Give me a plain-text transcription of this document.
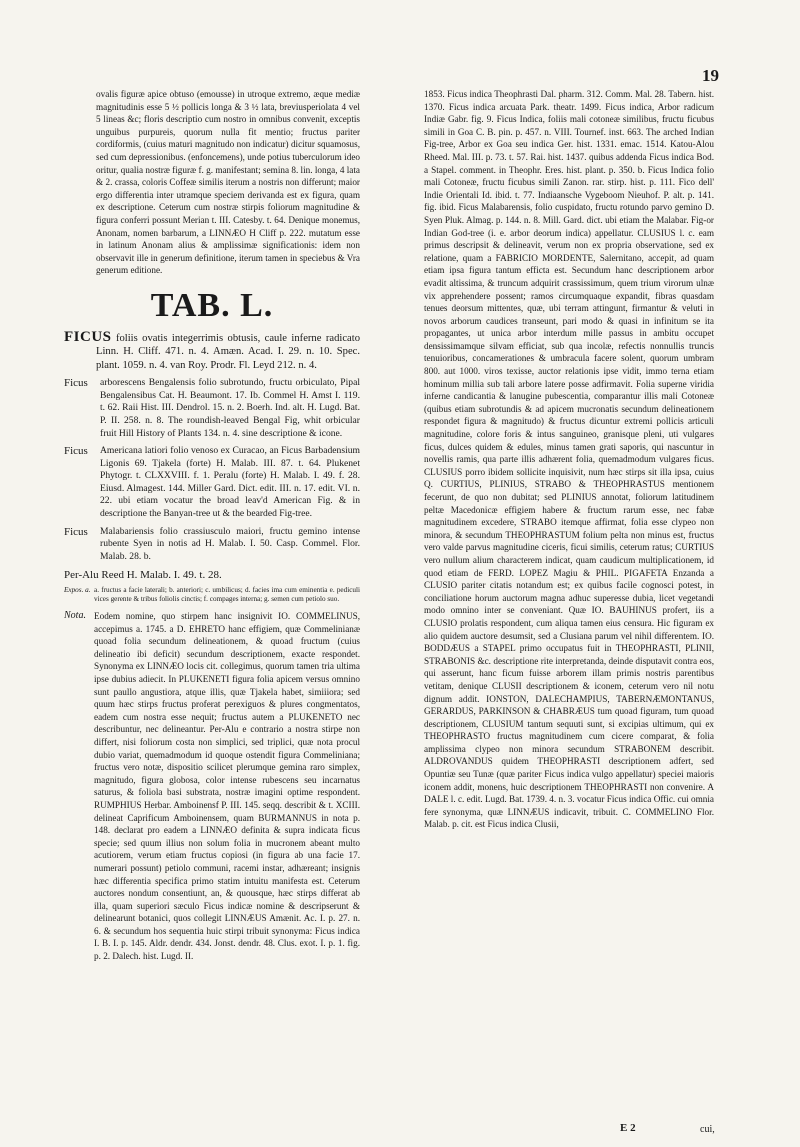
19

ovalis figuræ apice obtuso (emousse) in utroque extremo, æque mediæ magnitudinis esse 5 ½ pollicis longa & 3 ½ lata, breviusperiolata 4 vel 5 lineas &c; floris descriptio cum nostro in omnibus convenit, exceptis unguibus purpureis, quorum nulla fit mentio; fructus pariter cordiformis, (cuius maturi magnitudo non indicatur) dicitur squamosus, sed cum depressionibus. (enfoncemens), unde potius tuberculorum ideo oritur, qualia nostræ figuræ f. g. manifestant; semina 8. lin. longa, 4 lata & 2. crassa, coloris Coffeæ similis iterum a nostris non differunt; maior ergo differentia inter utramque speciem derivanda est ex figura, quam ex descriptione. Ceterum cum nostræ stirpis foliorum magnitudine & figura conferri possunt Merian t. III. Catesby. t. 64. Denique monemus, Anonam, nomen barbarum, a LINNÆO H Cliff p. 222. mutatum esse in latinum Anonam alius & amplissimæ significationis: idem non observavit ille in generum definitione, iterum tamen in speciebus & Vra generum editione.

TAB. L.

FICUS foliis ovatis integerrimis obtusis, caule inferne radicato Linn. H. Cliff. 471. n. 4. Amæn. Acad. I. 29. n. 10. Spec. plant. 1059. n. 4. van Roy. Prodr. Fl. Leyd 212. n. 4.

Ficus	arborescens Bengalensis folio subrotundo, fructu orbiculato, Pipal Bengalensibus Cat. H. Beaumont. 17. Ib. Commel H. Amst I. 119. t. 62. Raii Hist. III. Dendrol. 15. n. 2. Boerh. Ind. alt. H. Lugd. Bat. P. II. 258. n. 8. The roundish-leaved Bengal Fig, whit orbicular fruit Hill History of Plants 134. n. 4. sine descriptione & icone.
Ficus	Americana latiori folio venoso ex Curacao, an Ficus Barbadensium Ligonis 69. Tjakela (forte) H. Malab. III. 87. t. 64. Plukenet Phytogr. t. CLXXVIII. f. 1. Peralu (forte) H. Malab. I. 49. f. 28. Eiusd. Almagest. 144. Miller Gard. Dict. edit. III. n. 17. edit. VI. n. 22. ubi etiam vocatur the broad leav'd American Fig. & in descriptione the Banyan-tree ut & the bearded Fig-tree.
Ficus	Malabariensis folio crassiusculo maiori, fructu gemino intense rubente Syen in notis ad H. Malab. I. 50. Casp. Commel. Flor. Malab. 28. b.

Per-Alu Reed H. Malab. I. 49. t. 28.

Expos. a. a. fructus a facie laterali; b. anteriori; c. umbilicus; d. facies ima cum eminentia e. pediculi vices gerente & tribus foliolis cinctis; f. compages interna; g. semen cum petiolo suo.
Nota. Eodem nomine, quo stirpem hanc insignivit IO. COMMELINUS, accepimus a. 1745. a D. EHRETO hanc effigiem, quæ Commelinianæ quoad folia secundum delineationem, & quoad fructum (cuius delineatio ibi deficit) secundum descriptionem, exacte respondet. Synonyma ex LINNÆO locis cit. collegimus, quorum tamen tria ultima ipse dubius adiecit. In PLUKENETI figura folia apicem versus omnino sunt paullo angustiora, atque illis, quæ Tjakela habet, simiiiora; sed quum hæc stirps fructus proferat perexiguos & plures congmentatos, eadem cum nostra esse nequit; fructus autem a PLUKENETO nec describuntur, nec delineantur. Per-Alu e contrario a nostra stirpe non differt, nisi foliorum costa non simplici, sed triplici, quæ nota procul dubio variat, quemadmodum id quoque ostendit figura Commeliniana; fructus vero notæ, dispositio scilicet plerumque gemina raro simplex, magnitudo, figura globosa, color intense rubescens seu incarnatus saturus, & foliola basi substrata, nostræ imagini optime respondent. RUMPHIUS Herbar. Amboinensf P. III. 145. seqq. describit & t. XCIII. delineat Caprificum Amboinensem, quam BURMANNUS in nota p. 148. declarat pro eadem a LINNÆO definita & supra indicata ficus specie; sed quum illius non solum folia in mucronem abeant multo acutiorem, verum etiam fructus copiosi (in figura ab una facie 17. numerari possunt) petiolo communi, racemi instar, adhæreant; insignis hæc differentia specifica primo statim intuitu manifesta est. Ceterum auctores nondum consentiunt, an, & quousque, hæc stirps differat ab illa, quam superiori sæculo Ficus indicæ nomine & descripserunt & delinearunt botanici, quos collegit LINNÆUS Amænit. Ac. I. p. 27. n. 6. & secundum hos sequentia huic stirpi tribuit synonyma: Ficus indica I. B. I. p. 145. Aldr. dendr. 434. Jonst. dendr. 48. Clus. exot. I. p. 1. fig. p. 2. Dalech. hist. Lugd. II.

1853. Ficus indica Theophrasti Dal. pharm. 312. Comm. Mal. 28. Tabern. hist. 1370. Ficus indica arcuata Park. theatr. 1499. Ficus indica, Arbor radicum Indiæ Gabr. fig. 9. Ficus Indica, foliis mali cotoneæ similibus, fructu ficubus simili in Goa C. B. pin. p. 457. n. VIII. Tournef. inst. 663. The arched Indian Fig-tree, Arbor ex Goa seu indica Ger. hist. 1331. emac. 1514. Katou-Alou Rheed. Mal. III. p. 73. t. 57. Rai. hist. 1437. quibus addenda Ficus indica Bod. a Stapel. comment. in Theophr. Eres. hist. plant. p. 350. b. Ficus Indica folio mali Cotoneæ, fructu ficubus simili Zanon. rar. stirp. hist. p. 111. Fico dell' Indie Orientali Id. ibid. t. 77. Indiaansche Vygeboom Nieuhof. P. alt. p. 141. fig. ibid. Ficus Malabarensis, folio cuspidato, fructu rotundo parvo gemino D. Syen Pluk. Almag. p. 144. n. 8. Mill. Gard. dict. ubi etiam the Malabar. Fig-or Indian God-tree (i. e. arbor deorum indica) appellatur. CLUSIUS l. c. eam primus descripsit & delineavit, verum non ex propria observatione, sed ex relatione, quam a FABRICIO MORDENTE, Salernitano, accepit, ad quam etiam ipsa figura tantum efficta est. Secundum hanc descriptionem arbor evadit altissima, & truncum adquirit crassissimum, quem trium virorum ulnæ vix apprehendere possent; ramos circumquaque expandit, fibras quasdam tenues deorsum mittentes, quæ, ubi terram attingunt, firmantur & veluti in novos arborum caudices transeunt, pari modo & quasi in infinitum se ita propagantes, ut unica arbor interdum mille passus in ambitu occupet densissimamque silvam efficiat, sub qua incolæ, refectis nonnullis truncis tenuioribus, concamerationes & umbracula facere solent, quorum umbram 800. aut 1000. viros texisse, auctor relationis ipse vidit, immo terna etiam hominum millia sub tali arbore latere posse adfirmavit. Folia superne viridia inferne candicantia & lanugine pubescentia, comparantur illis mali Cotoneæ (quibus etiam subrotundis & ad apicem mucronatis secundum delineationem respondet figura & magnitudo) & fructus dicuntur extremi pollicis articuli magnitudine, colore foris & intus sanguineo, granisque pleni, uti vulgares ficus, dulces quidem & edules, minus tamen grati saporis, qui nascuntur in novellis ramis, qua parte illis adhærent folia, quemadmodum vulgares ficus. CLUSIUS porro ibidem sollicite inquisivit, num hæc stirps sit illa ipsa, cuius Q. CURTIUS, PLINIUS, STRABO & THEOPHRASTUS mentionem fecerunt, de quo non dubitat; sed PLINIUS annotat, foliorum latitudinem peltæ Macedonicæ effigiem habere & fructum rarum esse, nec fabæ magnitudinem excedere, STRABO itemque affirmat, folia esse clypeo non minora, & secundum THEOPHRASTUM folium pelta non minus est, fructus vero valde parvus magnitudine ciceris, ficui similis, ceterum ratus; CURTIUS vero nullum alium characterem indicat, quam caudicum multiplicationem, id quod etiam de FERD. LOPEZ Magiu & PHIL. PIGAFETA Enzanda a CLUSIO pariter citatis notandum est; ex quibus facile cognosci potest, in conciliatione horum auctorum magna adhuc superesse dubia, licet vegetandi modo omnino inter se conveniant. Quæ IO. BAUHINUS profert, iis a CLUSIO prolatis respondent, cum aliqua tamen eius censura. Hic figuram ex alio quidem auctore desumsit, sed a Clusiana parum vel nihil differentem. IO. BODDÆUS a STAPEL primo occupatus fuit in THEOPHRASTI, PLINII, STRABONIS &c. descriptione rite interpretanda, deinde disputavit contra eos, qui asserunt, hanc ficum fuisse arborem illam primis nostris parentibus vetitam, denique CLUSII descriptionem & iconem, ceterum vero nil notu dignum addit. IONSTON, DALECHAMPIUS, TABERNÆMONTANUS, GERARDUS, PARKINSON & CHABRÆUS tum quoad figuram, tum quoad descriptionem, CLUSIUM tantum sequuti sunt, si excipias ultimum, qui ex THEOPHRASTO fructus magnitudinem cum cicere comparat, & folia amplissima clypeo non minora secundum STRABONEM describit. ALDROVANDUS quidem THEOPHRASTI descriptionem adfert, sed Opuntiæ seu Tunæ (quæ pariter Ficus indica vulgo appellatur) speciei maioris iconem addit, monens, huic descriptionem THEOPHRASTI non convenire. A DALE l. c. edit. Lugd. Bat. 1739. 4. n. 3. vocatur Ficus indica Offic. cui omnia fere synonyma, quæ LINNÆUS indicavit, tribuit. C. COMMELINO Flor. Malab. p. cit. est Ficus indica Clusii,

E 2	cui,
